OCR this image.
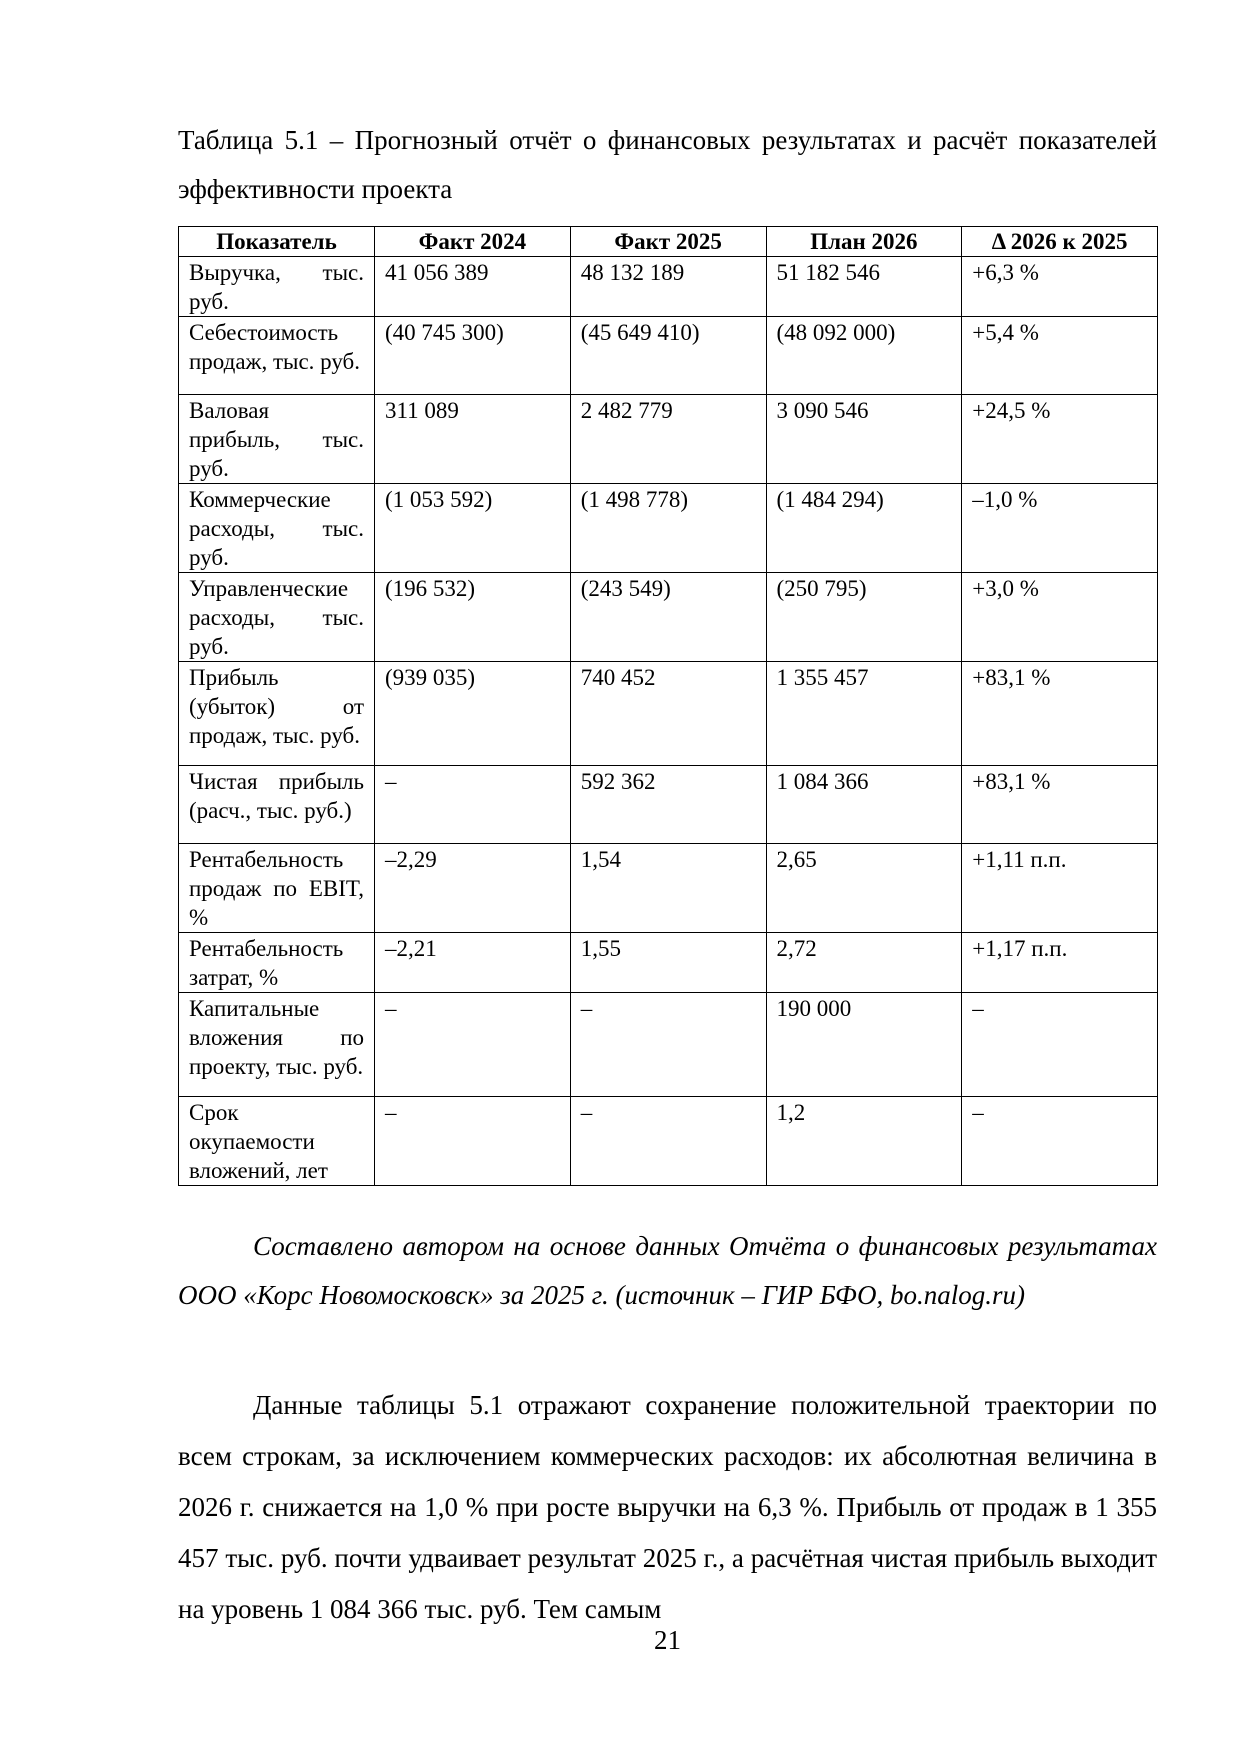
Таблица 5.1 – Прогнозный отчёт о финансовых результатах и расчёт показателей эффективности проекта

Показатель	Факт 2024	Факт 2025	План 2026	Δ 2026 к 2025
Выручка, тыс. руб.	41 056 389	48 132 189	51 182 546	+6,3 %
Себестоимость продаж, тыс. руб.	(40 745 300)	(45 649 410)	(48 092 000)	+5,4 %
Валовая прибыль, тыс. руб.	311 089	2 482 779	3 090 546	+24,5 %
Коммерческие расходы, тыс. руб.	(1 053 592)	(1 498 778)	(1 484 294)	–1,0 %
Управленческие расходы, тыс. руб.	(196 532)	(243 549)	(250 795)	+3,0 %
Прибыль (убыток) от продаж, тыс. руб.	(939 035)	740 452	1 355 457	+83,1 %
Чистая прибыль (расч., тыс. руб.)	–	592 362	1 084 366	+83,1 %
Рентабельность продаж по EBIT, %	–2,29	1,54	2,65	+1,11 п.п.
Рентабельность затрат, %	–2,21	1,55	2,72	+1,17 п.п.
Капитальные вложения по проекту, тыс. руб.	–	–	190 000	–
Срок окупаемости вложений, лет	–	–	1,2	–

Составлено автором на основе данных Отчёта о финансовых результатах ООО «Корс Новомосковск» за 2025 г. (источник – ГИР БФО, bo.nalog.ru)

Данные таблицы 5.1 отражают сохранение положительной траектории по всем строкам, за исключением коммерческих расходов: их абсолютная величина в 2026 г. снижается на 1,0 % при росте выручки на 6,3 %. Прибыль от продаж в 1 355 457 тыс. руб. почти удваивает результат 2025 г., а расчётная чистая прибыль выходит на уровень 1 084 366 тыс. руб. Тем самым

21
